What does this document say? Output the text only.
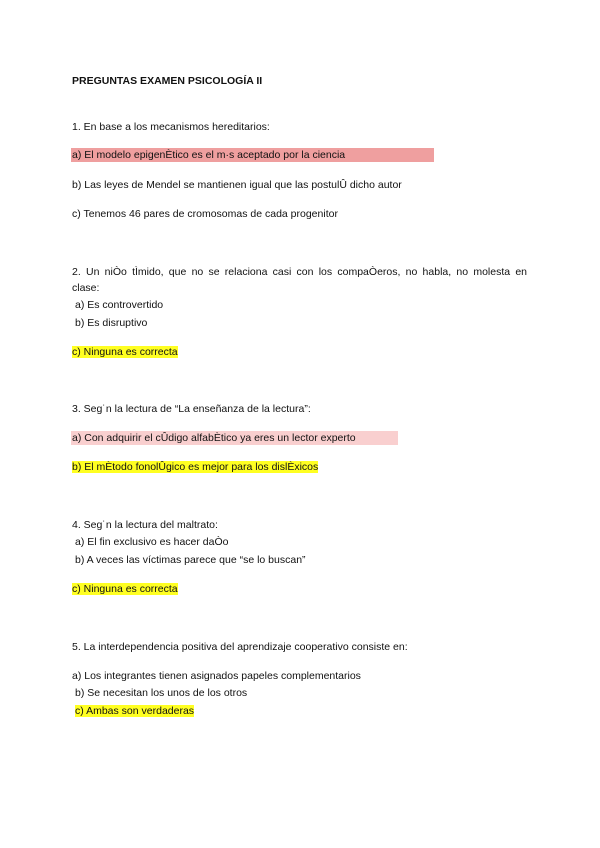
PREGUNTAS EXAMEN PSICOLOGÍA II
1. En base a los mecanismos hereditarios:
a) El modelo epigenÈtico es el m·s aceptado por la ciencia
b) Las leyes de Mendel se mantienen igual que las postulÛ dicho autor
c) Tenemos 46 pares de cromosomas de cada progenitor
2. Un niÒo tÌmido, que no se relaciona casi con los compaÒeros, no habla, no molesta en
clase:
a) Es controvertido
b) Es disruptivo
c) Ninguna es correcta
3. Seg˙n la lectura de “La enseñanza de la lectura”:
a) Con adquirir el cÛdigo alfabÈtico ya eres un lector experto
b) El mÈtodo fonolÛgico es mejor para los dislÈxicos
4. Seg˙n la lectura del maltrato:
a) El fin exclusivo es hacer daÒo
b) A veces las víctimas parece que “se lo buscan”
c) Ninguna es correcta
5. La interdependencia positiva del aprendizaje cooperativo consiste en:
a) Los integrantes tienen asignados papeles complementarios
b) Se necesitan los unos de los otros
c) Ambas son verdaderas
